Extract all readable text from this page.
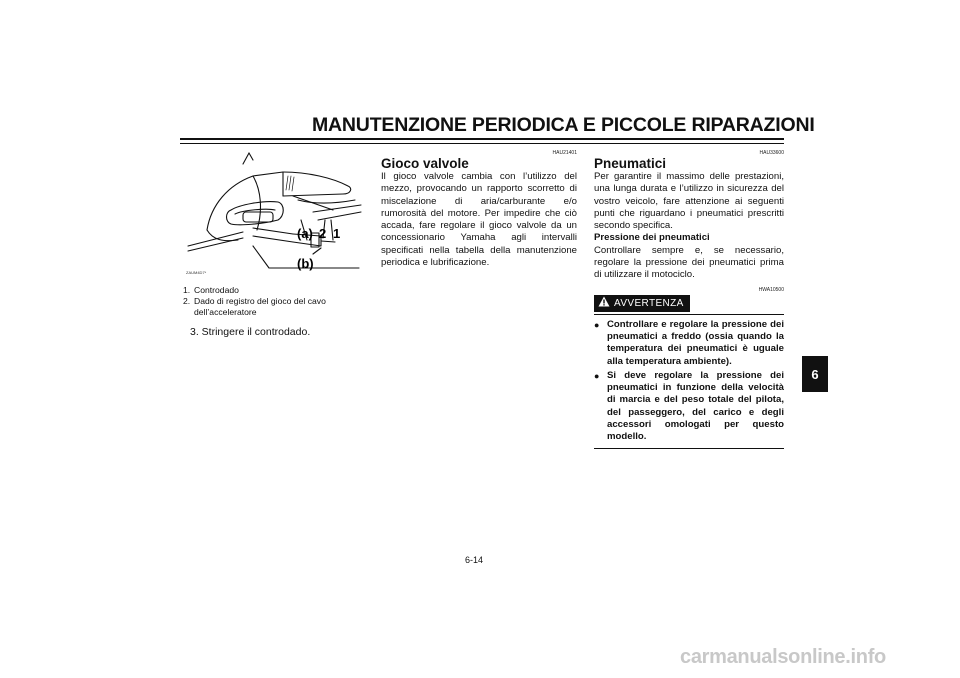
MANUTENZIONE PERIODICA E PICCOLE RIPARAZIONI
6
(a) 2 1
(b)
ZAUM4D7*
1. Controdado
2. Dado di registro del gioco del cavo dell’acceleratore
3. Stringere il controdado.
HAU21401
Gioco valvole

Il gioco valvole cambia con l’utilizzo del mezzo, provocando un rapporto scorretto di miscelazione di aria/carburante e/o rumorosità del motore. Per impedire che ciò accada, fare regolare il gioco valvole da un concessionario Yamaha agli intervalli specificati nella tabella della manutenzione periodica e lubrificazione.

HAU33600
Pneumatici

Per garantire il massimo delle prestazioni, una lunga durata e l’utilizzo in sicurezza del vostro veicolo, fare attenzione ai seguenti punti che riguardano i pneumatici prescritti secondo specifica.

Pressione dei pneumatici

Controllare sempre e, se necessario, regolare la pressione dei pneumatici prima di utilizzare il motociclo.

HWA10500
AVVERTENZA
● Controllare e regolare la pressione dei pneumatici a freddo (ossia quando la temperatura dei pneumatici è uguale alla temperatura ambiente).
● Si deve regolare la pressione dei pneumatici in funzione della velocità di marcia e del peso totale del pilota, del passeggero, del carico e degli accessori omologati per questo modello.
6-14
carmanualsonline.info
